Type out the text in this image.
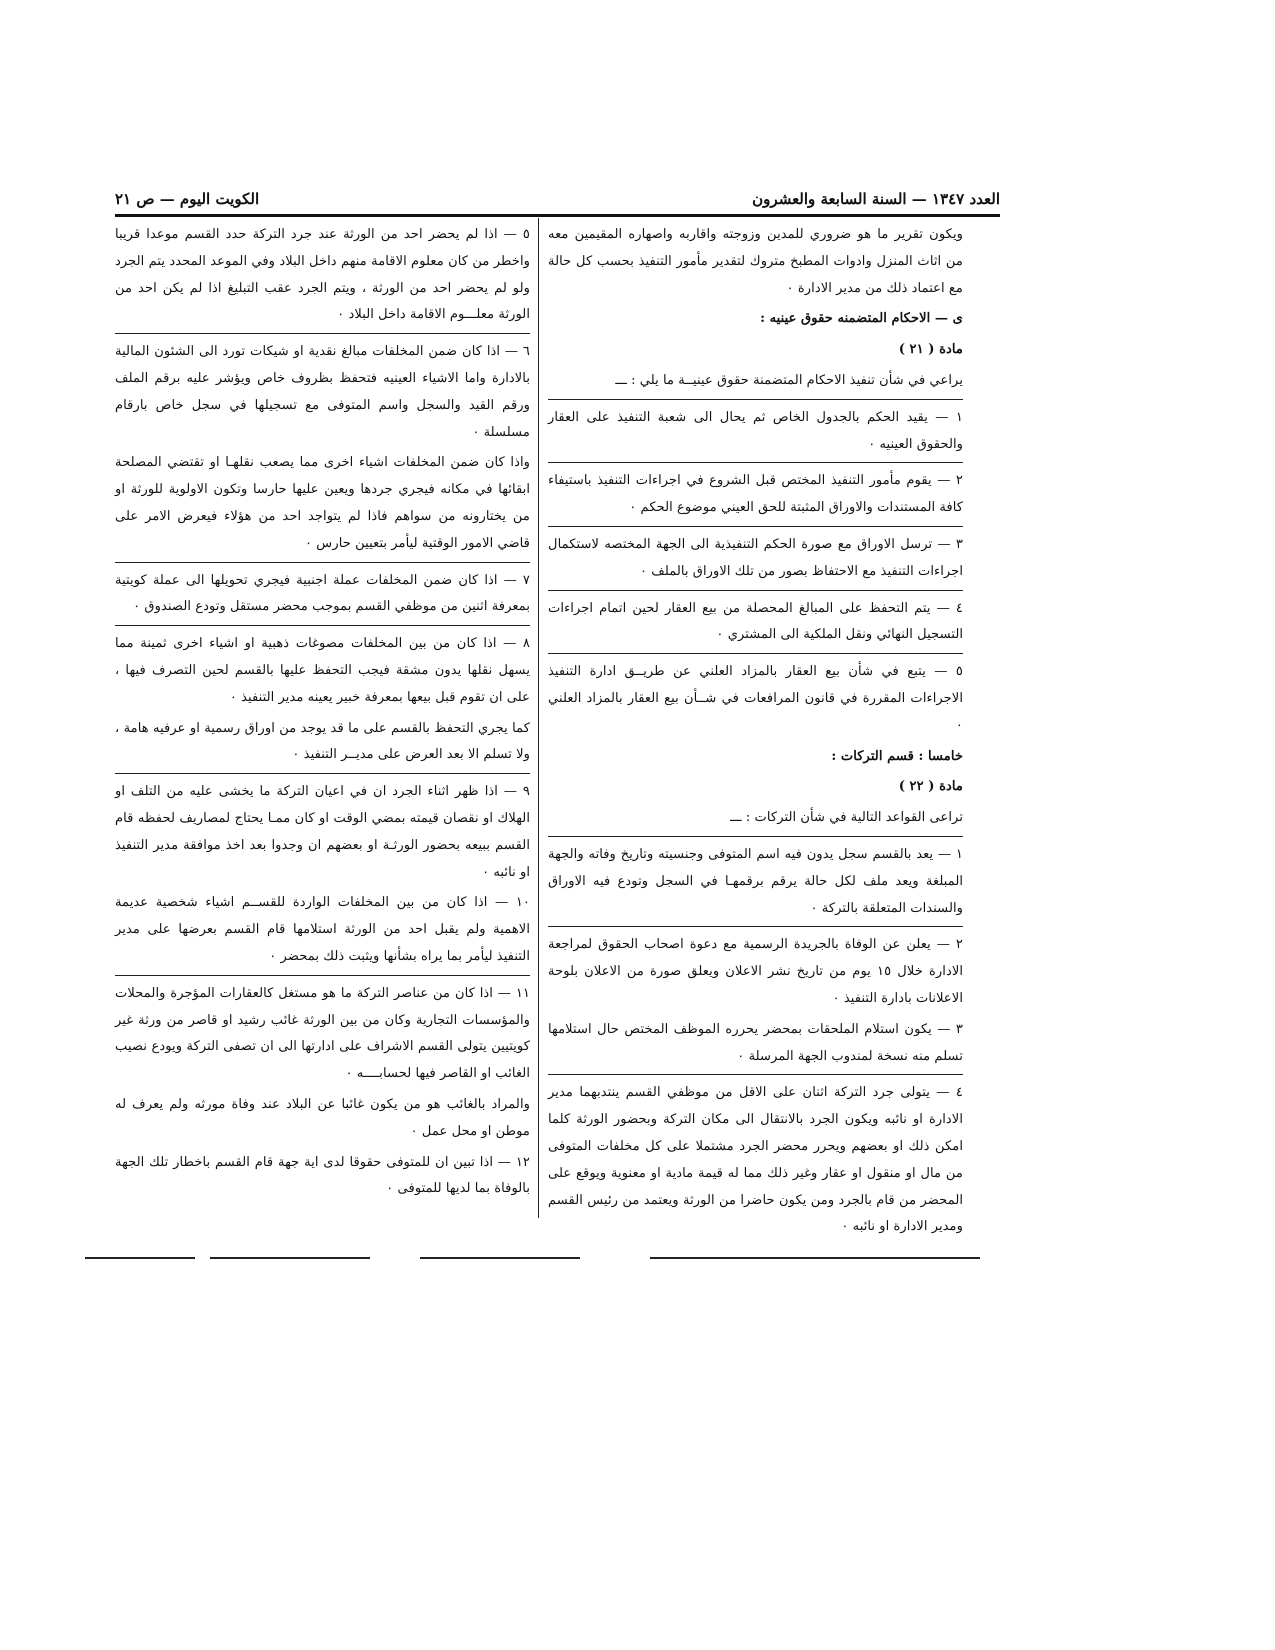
العدد ١٣٤٧ — السنة السابعة والعشرون
الكويت اليوم — ص ٢١

ويكون تقرير ما هو ضروري للمدين وزوجته واقاربه واصهاره المقيمين معه من اثاث المنزل وادوات المطبخ متروك لتقدير مأمور التنفيذ بحسب كل حالة مع اعتماد ذلك من مدير الادارة ٠

ى — الاحكام المتضمنه حقوق عينيه :

مادة ( ٢١ )

يراعي في شأن تنفيذ الاحكام المتضمنة حقوق عينيــة ما يلي : ـــ

١ — يقيد الحكم بالجدول الخاص ثم يحال الى شعبة التنفيذ على العقار والحقوق العينيه ٠

٢ — يقوم مأمور التنفيذ المختص قبل الشروع في اجراءات التنفيذ باستيفاء كافة المستندات والاوراق المثبتة للحق العيني موضوع الحكم ٠

٣ — ترسل الاوراق مع صورة الحكم التنفيذية الى الجهة المختصه لاستكمال اجراءات التنفيذ مع الاحتفاظ بصور من تلك الاوراق بالملف ٠

٤ — يتم التحفظ على المبالغ المحصلة من بيع العقار لحين اتمام اجراءات التسجيل النهائي ونقل الملكية الى المشتري ٠

٥ — يتبع في شأن بيع العقار بالمزاد العلني عن طريــق ادارة التنفيذ الاجراءات المقررة في قانون المرافعات في شــأن بيع العقار بالمزاد العلني ٠

خامسا : قسم التركات :

مادة ( ٢٢ )

تراعى القواعد التالية في شأن التركات : ـــ

١ — يعد بالقسم سجل يدون فيه اسم المتوفى وجنسيته وتاريخ وفاته والجهة المبلغة ويعد ملف لكل حالة يرقم برقمهـا في السجل وتودع فيه الاوراق والسندات المتعلقة بالتركة ٠

٢ — يعلن عن الوفاة بالجريدة الرسمية مع دعوة اصحاب الحقوق لمراجعة الادارة خلال ١٥ يوم من تاريخ نشر الاعلان ويعلق صورة من الاعلان بلوحة الاعلانات بادارة التنفيذ ٠

٣ — يكون استلام الملحقات بمحضر يحرره الموظف المختص حال استلامها تسلم منه نسخة لمندوب الجهة المرسلة ٠

٤ — يتولى جرد التركة اثنان على الاقل من موظفي القسم ينتدبهما مدير الادارة او نائبه ويكون الجرد بالانتقال الى مكان التركة وبحضور الورثة كلما امكن ذلك او بعضهم ويحرر محضر الجرد مشتملا على كل مخلفات المتوفى من مال او منقول او عقار وغير ذلك مما له قيمة مادية او معنوية ويوقع على المحضر من قام بالجرد ومن يكون حاضرا من الورثة ويعتمد من رئيس القسم ومدير الادارة او نائبه ٠

٥ — اذا لم يحضر احد من الورثة عند جرد التركة حدد القسم موعدا قريبا واخطر من كان معلوم الاقامة منهم داخل البلاد وفي الموعد المحدد يتم الجرد ولو لم يحضر احد من الورثة ، ويتم الجرد عقب التبليغ اذا لم يكن احد من الورثة معلـــوم الاقامة داخل البلاد ٠

٦ — اذا كان ضمن المخلفات مبالغ نقدية او شيكات تورد الى الشئون المالية بالادارة واما الاشياء العينيه فتحفظ بظروف خاص ويؤشر عليه برقم الملف ورقم القيد والسجل واسم المتوفى مع تسجيلها في سجل خاص بارقام مسلسلة ٠

واذا كان ضمن المخلفات اشياء اخرى مما يصعب نقلهـا او تقتضي المصلحة ابقائها في مكانه فيجري جردها ويعين عليها حارسا وتكون الاولوية للورثة او من يختارونه من سواهم فاذا لم يتواجد احد من هؤلاء فيعرض الامر على قاضي الامور الوقتية ليأمر بتعيين حارس ٠

٧ — اذا كان ضمن المخلفات عملة اجنبية فيجري تحويلها الى عملة كويتية بمعرفة اثنين من موظفي القسم بموجب محضر مستقل وتودع الصندوق ٠

٨ — اذا كان من بين المخلفات مصوغات ذهبية او اشياء اخرى ثمينة مما يسهل نقلها يدون مشقة فيجب التحفظ عليها بالقسم لحين التصرف فيها ، على ان تقوم قبل بيعها بمعرفة خبير يعينه مدير التنفيذ ٠

كما يجري التحفظ بالقسم على ما قد يوجد من اوراق رسمية او عرفيه هامة ، ولا تسلم الا بعد العرض على مديــر التنفيذ ٠

٩ — اذا ظهر اثناء الجرد ان في اعيان التركة ما يخشى عليه من التلف او الهلاك او نقصان قيمته بمضي الوقت او كان ممـا يحتاج لمصاريف لحفظه قام القسم ببيعه بحضور الورثـة او بعضهم ان وجدوا بعد اخذ موافقة مدير التنفيذ او نائبه ٠

١٠ — اذا كان من بين المخلفات الواردة للقســم اشياء شخصية عديمة الاهمية ولم يقبل احد من الورثة استلامها قام القسم بعرضها على مدير التنفيذ ليأمر بما يراه بشأنها ويثبت ذلك بمحضر ٠

١١ — اذا كان من عناصر التركة ما هو مستغل كالعقارات المؤجرة والمحلات والمؤسسات التجارية وكان من بين الورثة غائب رشيد او قاصر من ورثة غير كويتيين يتولى القسم الاشراف على ادارتها الى ان تصفى التركة ويودع نصيب الغائب او القاصر فيها لحسابــــه ٠

والمراد بالغائب هو من يكون غائبا عن البلاد عند وفاة مورثه ولم يعرف له موطن او محل عمل ٠

١٢ — اذا تبين ان للمتوفى حقوقا لدى اية جهة قام القسم باخطار تلك الجهة بالوفاة بما لديها للمتوفى ٠
